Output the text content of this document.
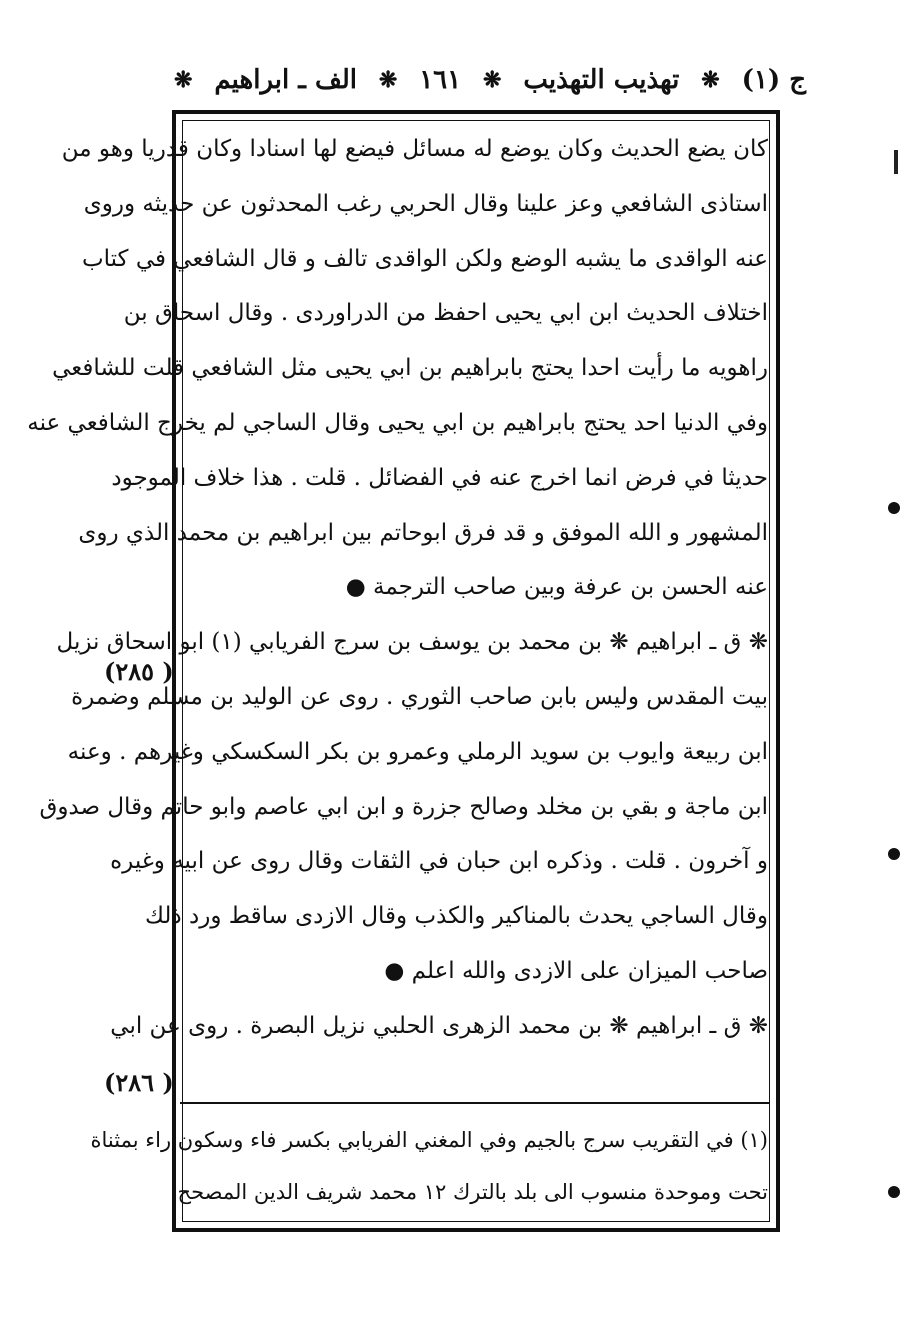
ج (١)
❋
تهذيب التهذيب
❋
١٦١
❋
الف ـ ابراهيم
❋
كان يضع الحديث وكان يوضع له مسائل فيضع لها اسنادا وكان قدريا وهو من
استاذى الشافعي وعز علينا وقال الحربي رغب المحدثون عن حديثه وروى
عنه الواقدى ما يشبه الوضع ولكن الواقدى تالف و قال الشافعي في كتاب
اختلاف الحديث ابن ابي يحيى احفظ من الدراوردى . وقال اسحاق بن
راهويه ما رأيت احدا يحتج بابراهيم بن ابي يحيى مثل الشافعي قلت للشافعي
وفي الدنيا احد يحتج بابراهيم بن ابي يحيى وقال الساجي لم يخرج الشافعي عنه
حديثا في فرض انما اخرج عنه في الفضائل . قلت . هذا خلاف الموجود
المشهور و الله الموفق و قد فرق ابوحاتم بين ابراهيم بن محمد الذي روى
عنه الحسن بن عرفة وبين صاحب الترجمة ●
❋ ق ـ ابراهيم ❋ بن محمد بن يوسف بن سرج الفريابي (١) ابو اسحاق نزيل
بيت المقدس وليس بابن صاحب الثوري . روى عن الوليد بن مسلم وضمرة
ابن ربيعة وايوب بن سويد الرملي وعمرو بن بكر السكسكي وغيرهم . وعنه
ابن ماجة و بقي بن مخلد وصالح جزرة و ابن ابي عاصم وابو حاتم وقال صدوق
و آخرون . قلت . وذكره ابن حبان في الثقات وقال روى عن ابيه وغيره
وقال الساجي يحدث بالمناكير والكذب وقال الازدى ساقط ورد ذلك
صاحب الميزان على الازدى والله اعلم ●
❋ ق ـ ابراهيم ❋ بن محمد الزهرى الحلبي نزيل البصرة . روى عن ابي
( ٢٨٥)
( ٢٨٦)
(١) في التقريب سرج بالجيم وفي المغني الفريابي بكسر فاء وسكون راء بمثناة
تحت وموحدة منسوب الى بلد بالترك ١٢ محمد شريف الدين المصحح
